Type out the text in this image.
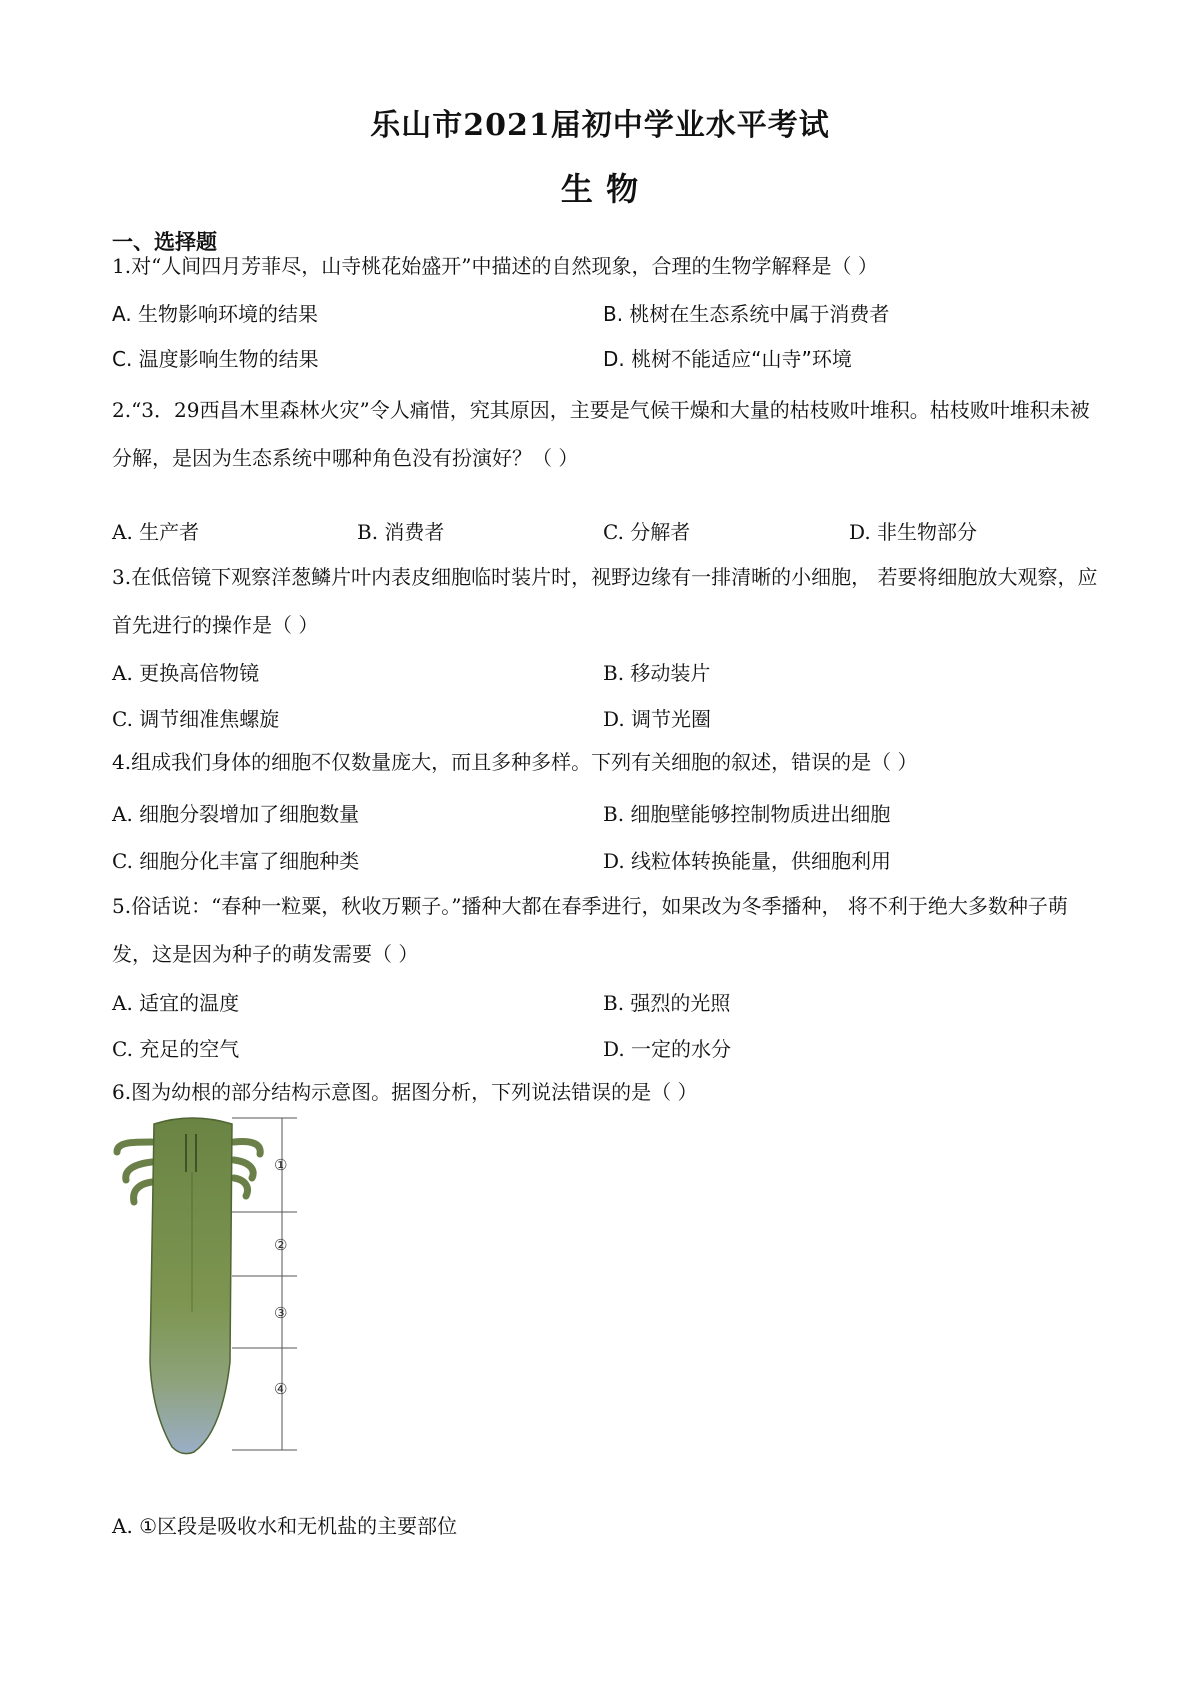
乐山市2021届初中学业水平考试
生 物
一、选择题
1.对“人间四月芳菲尽，山寺桃花始盛开”中描述的自然现象，合理的生物学解释是（ ）
A. 生物影响环境的结果	B. 桃树在生态系统中属于消费者
C. 温度影响生物的结果	D. 桃树不能适应“山寺”环境
2.“3．29西昌木里森林火灾”令人痛惜，究其原因，主要是气候干燥和大量的枯枝败叶堆积。枯枝败叶堆积未被分解，是因为生态系统中哪种角色没有扮演好？（ ）
A. 生产者	B. 消费者	C. 分解者	D. 非生物部分
3.在低倍镜下观察洋葱鳞片叶内表皮细胞临时装片时，视野边缘有一排清晰的小细胞， 若要将细胞放大观察，应首先进行的操作是（ ）
A. 更换高倍物镜	B. 移动装片
C. 调节细准焦螺旋	D. 调节光圈
4.组成我们身体的细胞不仅数量庞大，而且多种多样。下列有关细胞的叙述，错误的是（ ）
A. 细胞分裂增加了细胞数量	B. 细胞壁能够控制物质进出细胞
C. 细胞分化丰富了细胞种类	D. 线粒体转换能量，供细胞利用
5.俗话说：“春种一粒粟，秋收万颗子。”播种大都在春季进行，如果改为冬季播种， 将不利于绝大多数种子萌发，这是因为种子的萌发需要（ ）
A. 适宜的温度	B. 强烈的光照
C. 充足的空气	D. 一定的水分
6.图为幼根的部分结构示意图。据图分析，下列说法错误的是（ ）
①
②
③
④
A. ①区段是吸收水和无机盐的主要部位
